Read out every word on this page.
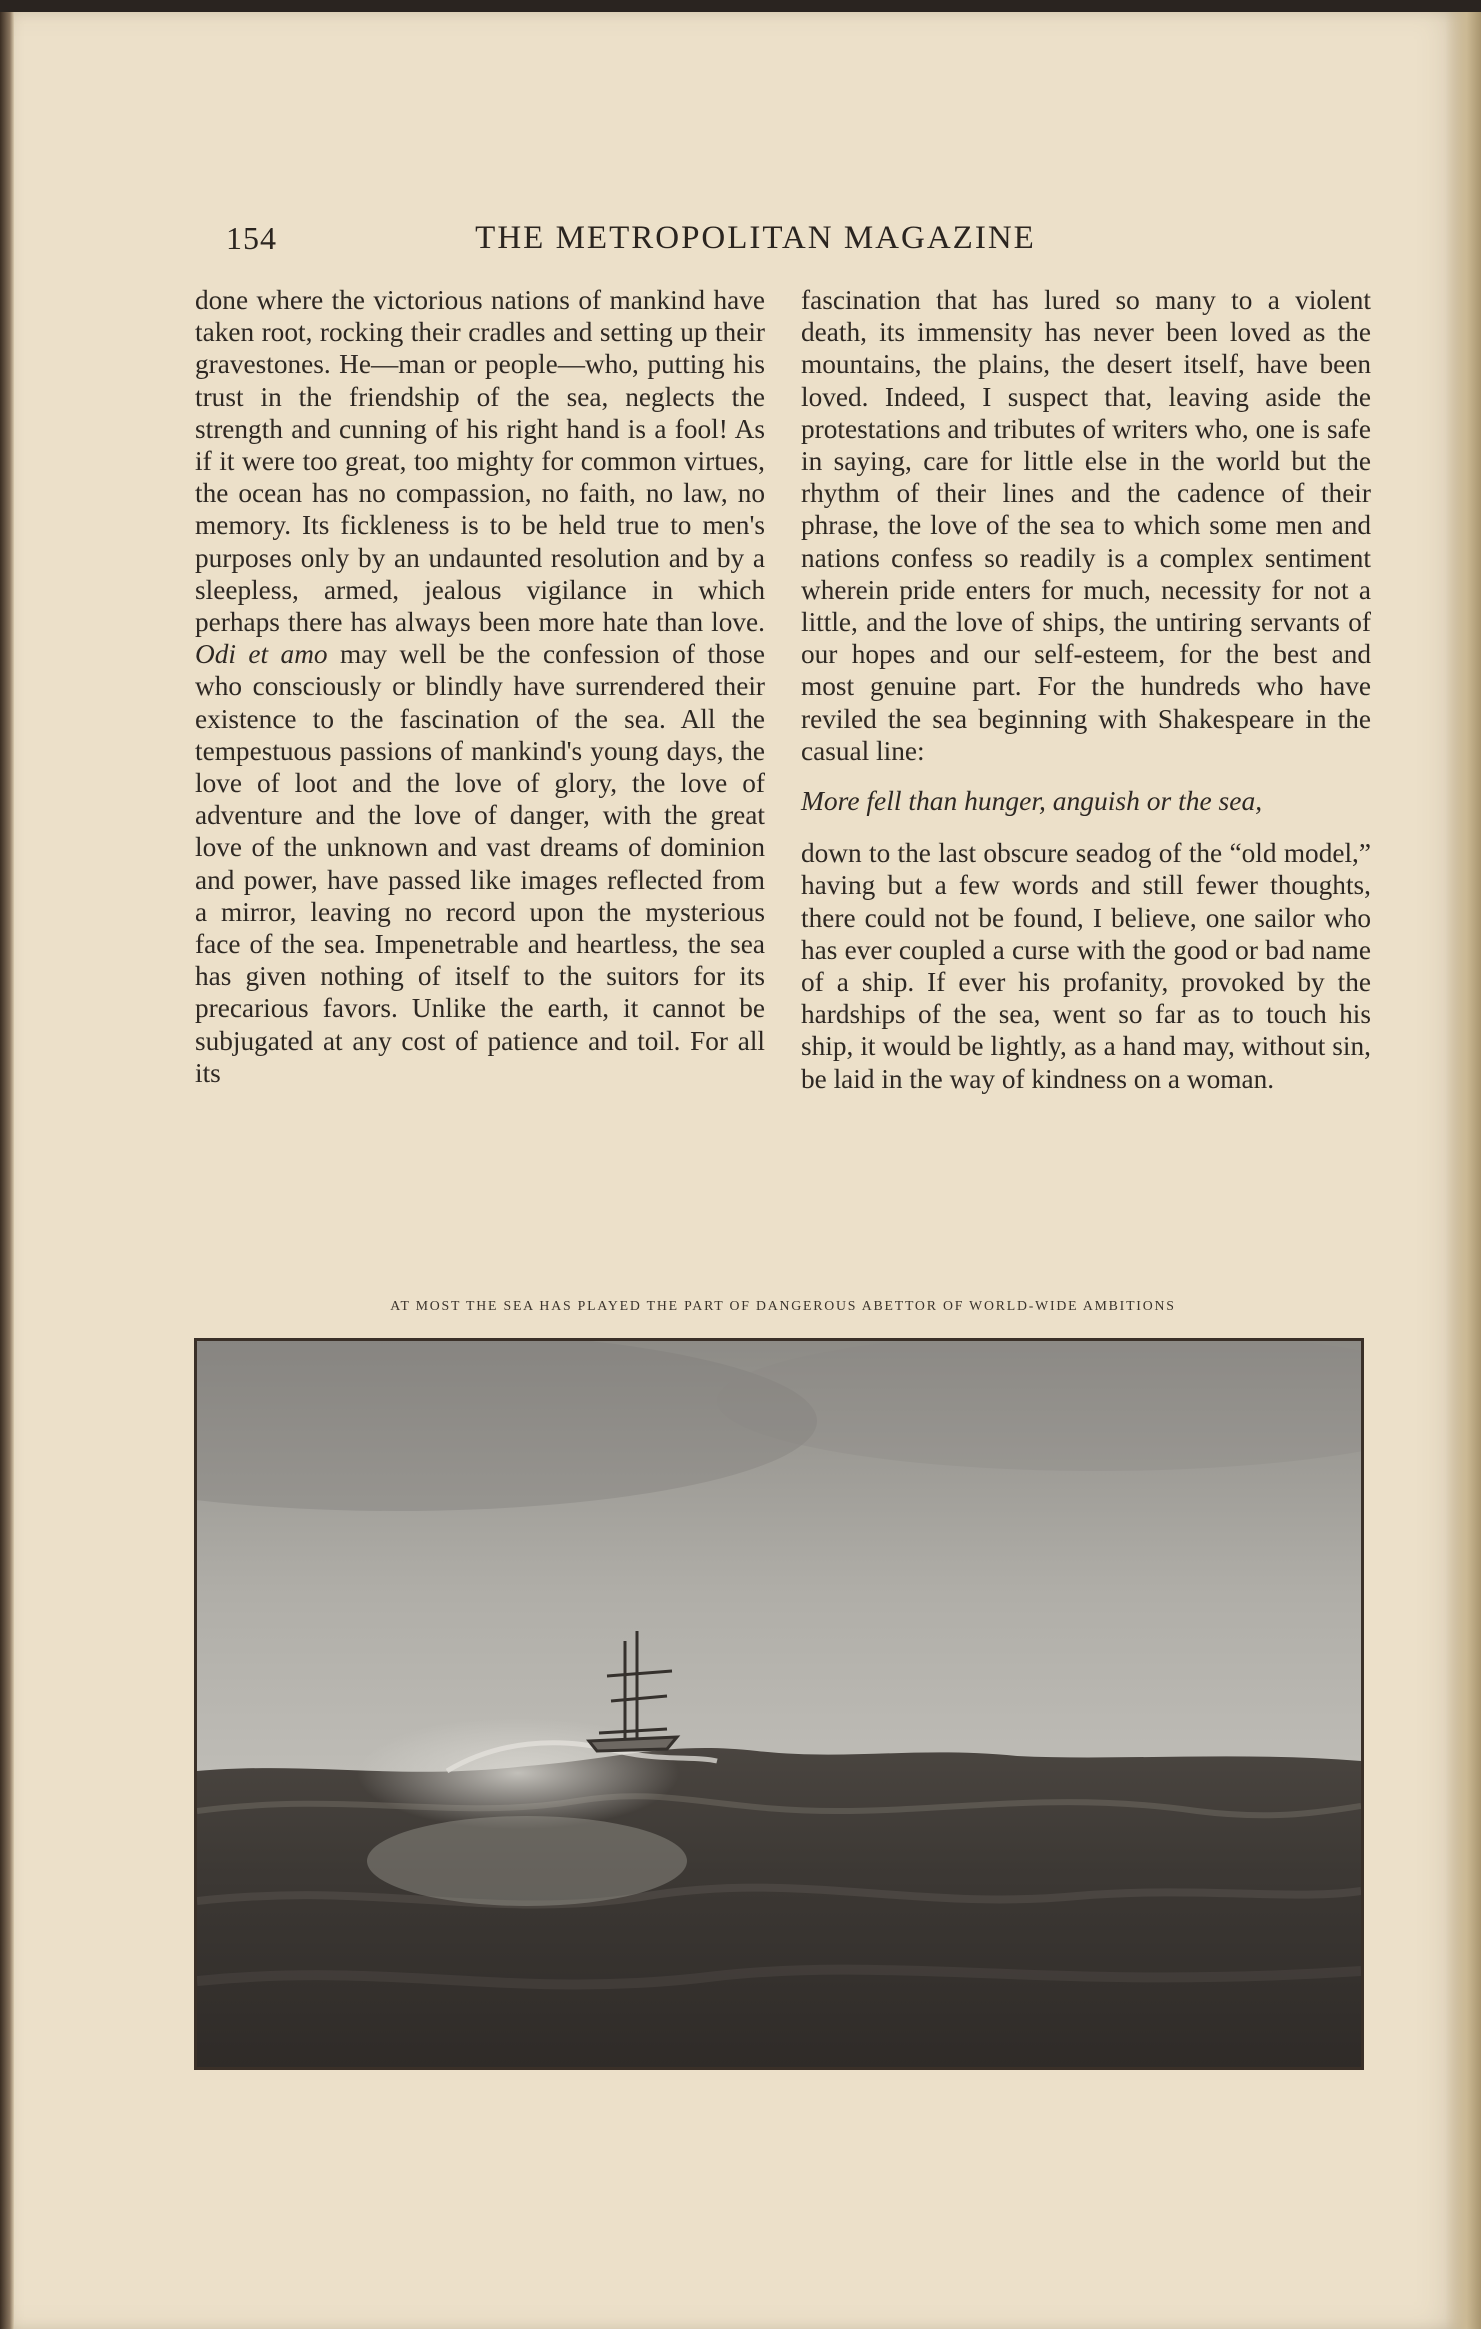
154	THE METROPOLITAN MAGAZINE

done where the victorious nations of mankind have taken root, rocking their cradles and setting up their gravestones. He—man or people—who, putting his trust in the friendship of the sea, neglects the strength and cunning of his right hand is a fool! As if it were too great, too mighty for common virtues, the ocean has no compassion, no faith, no law, no memory. Its fickleness is to be held true to men's purposes only by an undaunted resolution and by a sleepless, armed, jealous vigilance in which perhaps there has always been more hate than love. Odi et amo may well be the confession of those who consciously or blindly have surrendered their existence to the fascination of the sea. All the tempestuous passions of mankind's young days, the love of loot and the love of glory, the love of adventure and the love of danger, with the great love of the unknown and vast dreams of dominion and power, have passed like images reflected from a mirror, leaving no record upon the mysterious face of the sea. Impenetrable and heartless, the sea has given nothing of itself to the suitors for its precarious favors. Unlike the earth, it cannot be subjugated at any cost of patience and toil. For all its

fascination that has lured so many to a violent death, its immensity has never been loved as the mountains, the plains, the desert itself, have been loved. Indeed, I suspect that, leaving aside the protestations and tributes of writers who, one is safe in saying, care for little else in the world but the rhythm of their lines and the cadence of their phrase, the love of the sea to which some men and nations confess so readily is a complex sentiment wherein pride enters for much, necessity for not a little, and the love of ships, the untiring servants of our hopes and our self-esteem, for the best and most genuine part. For the hundreds who have reviled the sea beginning with Shakespeare in the casual line:

More fell than hunger, anguish or the sea,

down to the last obscure seadog of the “old model,” having but a few words and still fewer thoughts, there could not be found, I believe, one sailor who has ever coupled a curse with the good or bad name of a ship. If ever his profanity, provoked by the hardships of the sea, went so far as to touch his ship, it would be lightly, as a hand may, without sin, be laid in the way of kindness on a woman.

AT MOST THE SEA HAS PLAYED THE PART OF DANGEROUS ABETTOR OF WORLD-WIDE AMBITIONS
